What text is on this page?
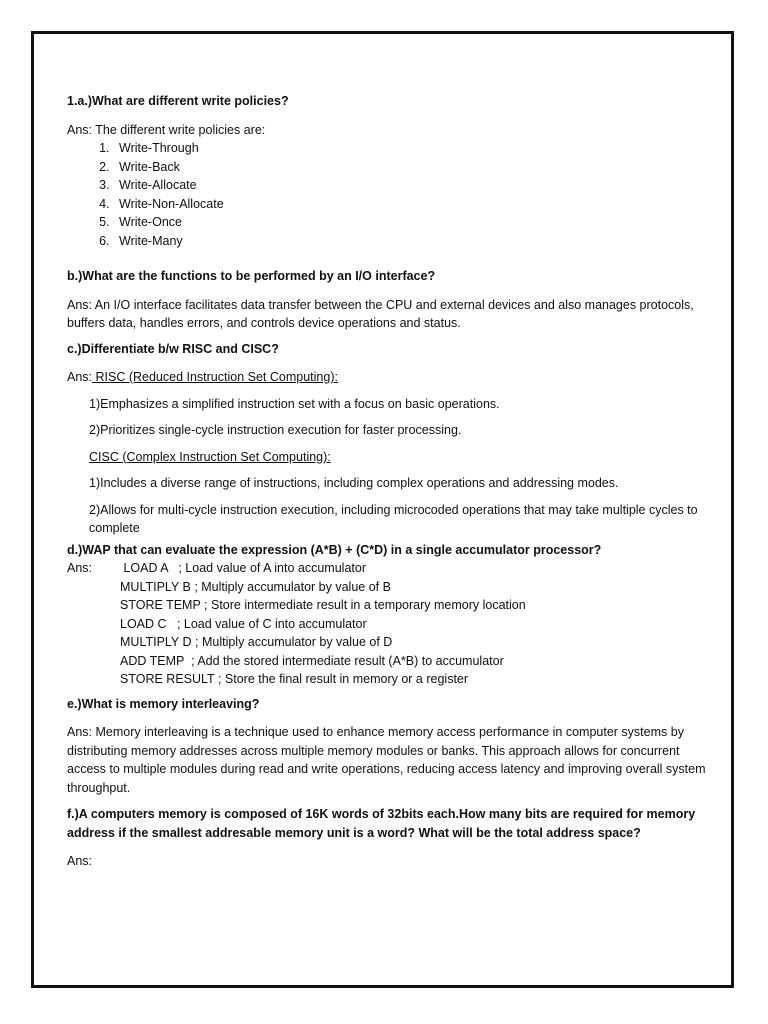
1.a.)What are different write policies?

Ans: The different write policies are:

1. Write-Through
2. Write-Back
3. Write-Allocate
4. Write-Non-Allocate
5. Write-Once
6. Write-Many

b.)What are the functions to be performed by an I/O interface?

Ans: An I/O interface facilitates data transfer between the CPU and external devices and also manages protocols, buffers data, handles errors, and controls device operations and status.

c.)Differentiate b/w RISC and CISC?

Ans: RISC (Reduced Instruction Set Computing):

1)Emphasizes a simplified instruction set with a focus on basic operations.

2)Prioritizes single-cycle instruction execution for faster processing.

CISC (Complex Instruction Set Computing):

1)Includes a diverse range of instructions, including complex operations and addressing modes.

2)Allows for multi-cycle instruction execution, including microcoded operations that may take multiple cycles to complete

d.)WAP that can evaluate the expression (A*B) + (C*D) in a single accumulator processor?

Ans:	LOAD A   ; Load value of A into accumulator
MULTIPLY B ; Multiply accumulator by value of B
STORE TEMP ; Store intermediate result in a temporary memory location
LOAD C   ; Load value of C into accumulator
MULTIPLY D ; Multiply accumulator by value of D
ADD TEMP  ; Add the stored intermediate result (A*B) to accumulator
STORE RESULT ; Store the final result in memory or a register

e.)What is memory interleaving?

Ans: Memory interleaving is a technique used to enhance memory access performance in computer systems by distributing memory addresses across multiple memory modules or banks. This approach allows for concurrent access to multiple modules during read and write operations, reducing access latency and improving overall system throughput.

f.)A computers memory is composed of 16K words of 32bits each.How many bits are required for memory address if the smallest addresable memory unit is a word? What will be the total address space?

Ans:
